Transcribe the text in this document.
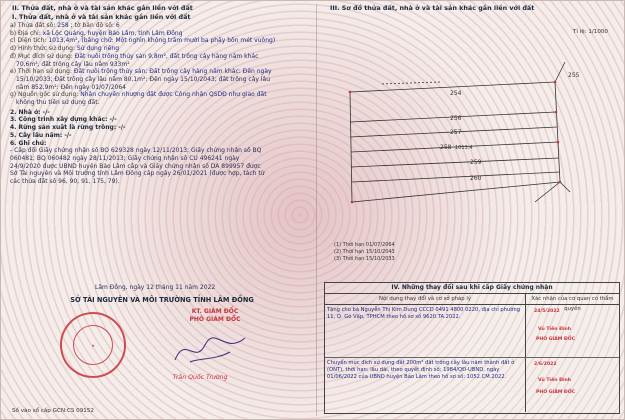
II. Thửa đất, nhà ở và tài sản khác gắn liền với đất
I. Thửa đất, nhà ở và tài sản khác gắn liền với đất
a) Thửa đất số: 258 ; tờ bản đồ số: 6
b) Địa chỉ: xã Lộc Quảng, huyện Bảo Lâm, tỉnh Lâm Đồng
c) Diện tích: 1013,4m², (bằng chữ: Một nghìn không trăm mười ba phẩy bốn mét vuông)
d) Hình thức sử dụng: Sử dụng riêng
đ) Mục đích sử dụng: Đất nuôi trồng thủy sản 9,8m², đất trồng cây hàng năm khác
70,6m², đất trồng cây lâu năm 933m²
e) Thời hạn sử dụng: Đất nuôi trồng thủy sản; Đất trồng cây hàng năm khác: Đến ngày
15/10/2033; Đất trồng cây lâu năm 80,1m²: Đến ngày 15/10/2043; đất trồng cây lâu
năm 852,9m²: Đến ngày 01/07/2064
g) Nguồn gốc sử dụng: Nhận chuyển nhượng đất được Công nhận QSDĐ như giao đất
không thu tiền sử dụng đất.
2. Nhà ở: -/-
3. Công trình xây dựng khác: -/-
4. Rừng sản xuất là rừng trồng: -/-
5. Cây lâu năm: -/-
6. Ghi chú:
- Cấp đổi Giấy chứng nhận số BO 629328 ngày 12/11/2013; Giấy chứng nhận số BQ
060481; BQ 060482 ngày 28/11/2013; Giấy chứng nhận số CU 496241 ngày
24/9/2020 được UBND huyện Bảo Lâm cấp và Giấy chứng nhận số DA 899957 được
Sở Tài nguyên và Môi trường tỉnh Lâm Đồng cấp ngày 26/01/2021 (được hợp, tách từ
các thửa đất số 96, 90, 91, 175, 79).
Lâm Đồng, ngày 12 tháng 11 năm 2022
SỞ TÀI NGUYÊN VÀ MÔI TRƯỜNG TỈNH LÂM ĐỒNG
★
KT. GIÁM ĐỐC
PHÓ GIÁM ĐỐC
Trần Quốc Trường
Số vào sổ cấp GCN:CS 09152
III. Sơ đồ thửa đất, nhà ở và tài sản khác gắn liền với đất
Tỉ lệ: 1/1000
254
256
257
258
259
260
255
1013,4
(1) Thời hạn 01/07/2064
(2) Thời hạn 15/10/2043
(3) Thời hạn 15/10/2033
IV. Những thay đổi sau khi cấp Giấy chứng nhận
Nội dung thay đổi và cơ sở pháp lý	Xác nhận của cơ quan có thẩm quyền
Tặng cho bà Nguyễn Thị Kim Dung CCCD 0491 4800 0220, địa chỉ phường 11, Q. Gò Vấp, TPHCM theo hồ sơ số 9620.TA.2022.
24/5/2022
Vũ Tiến Đình
PHÓ GIÁM ĐỐC
Chuyển mục đích sử dụng đất 200m² đất trồng cây lâu năm thành đất ở (ONT), thời hạn: lâu dài, theo quyết định số: 1984/QĐ-UBND, ngày 01/06/2022 của UBND huyện Bảo Lâm theo hồ sơ số: 1052.CM.2022.
2/6/2022
Vũ Tiến Đình
PHÓ GIÁM ĐỐC
